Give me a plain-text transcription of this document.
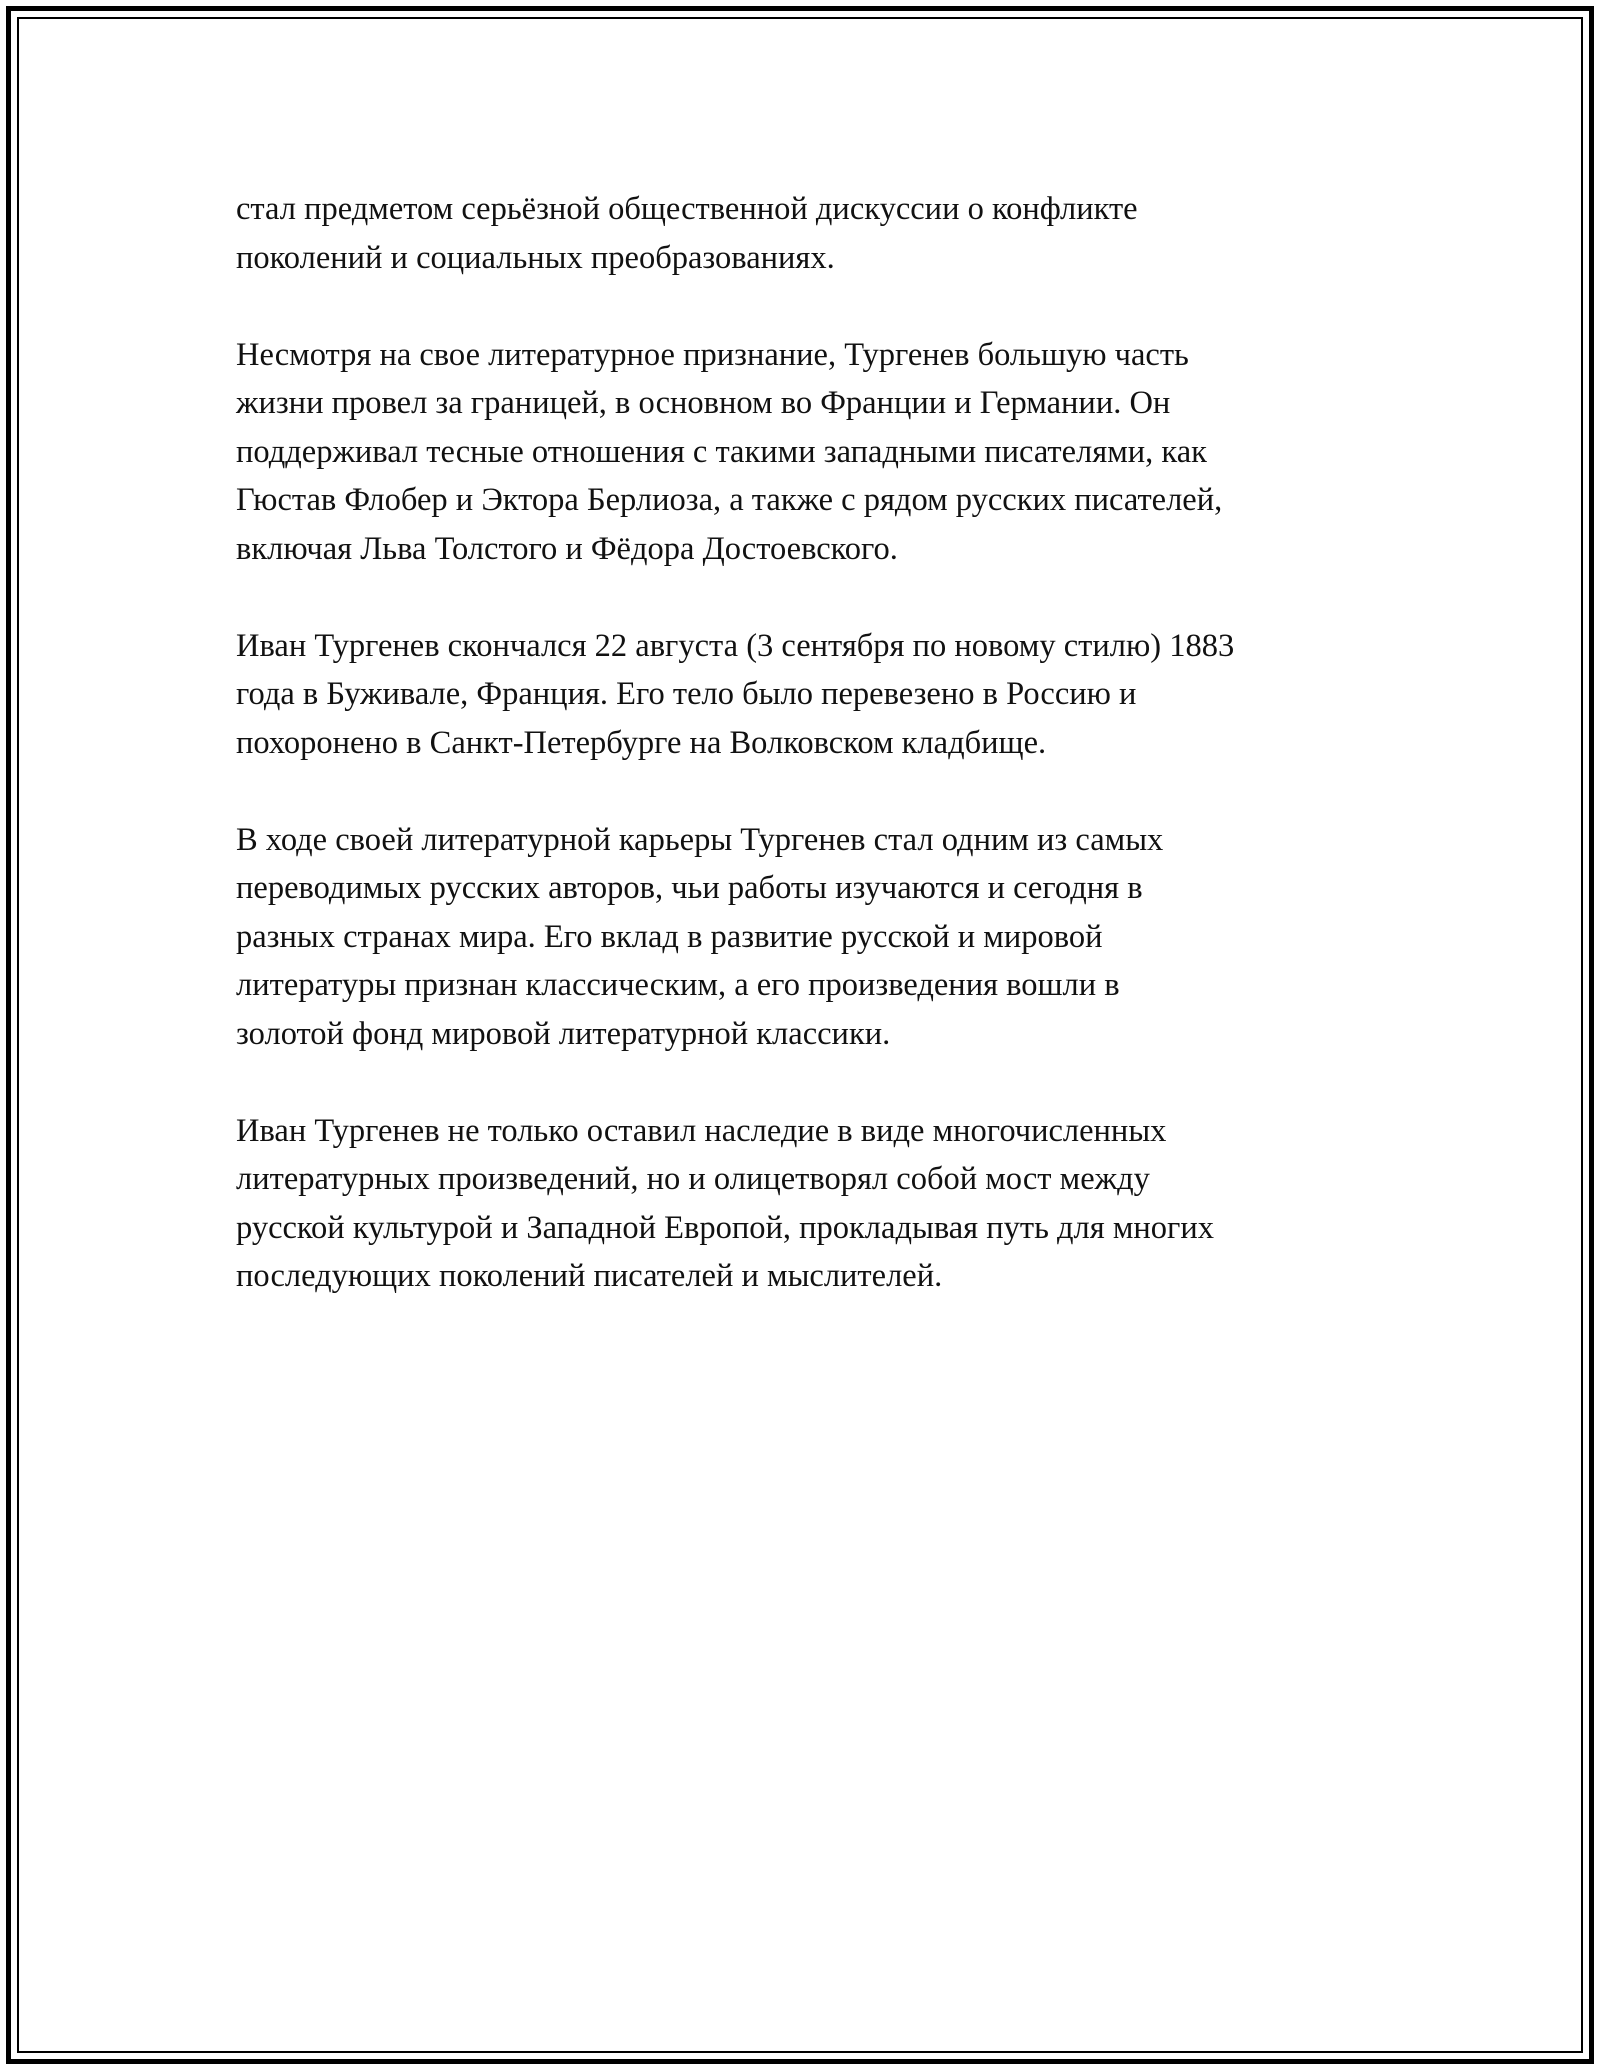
стал предметом серьёзной общественной дискуссии о конфликте
поколений и социальных преобразованиях.

Несмотря на свое литературное признание, Тургенев большую часть
жизни провел за границей, в основном во Франции и Германии. Он
поддерживал тесные отношения с такими западными писателями, как
Гюстав Флобер и Эктора Берлиоза, а также с рядом русских писателей,
включая Льва Толстого и Фёдора Достоевского.

Иван Тургенев скончался 22 августа (3 сентября по новому стилю) 1883
года в Буживале, Франция. Его тело было перевезено в Россию и
похоронено в Санкт-Петербурге на Волковском кладбище.

В ходе своей литературной карьеры Тургенев стал одним из самых
переводимых русских авторов, чьи работы изучаются и сегодня в
разных странах мира. Его вклад в развитие русской и мировой
литературы признан классическим, а его произведения вошли в
золотой фонд мировой литературной классики.

Иван Тургенев не только оставил наследие в виде многочисленных
литературных произведений, но и олицетворял собой мост между
русской культурой и Западной Европой, прокладывая путь для многих
последующих поколений писателей и мыслителей.
